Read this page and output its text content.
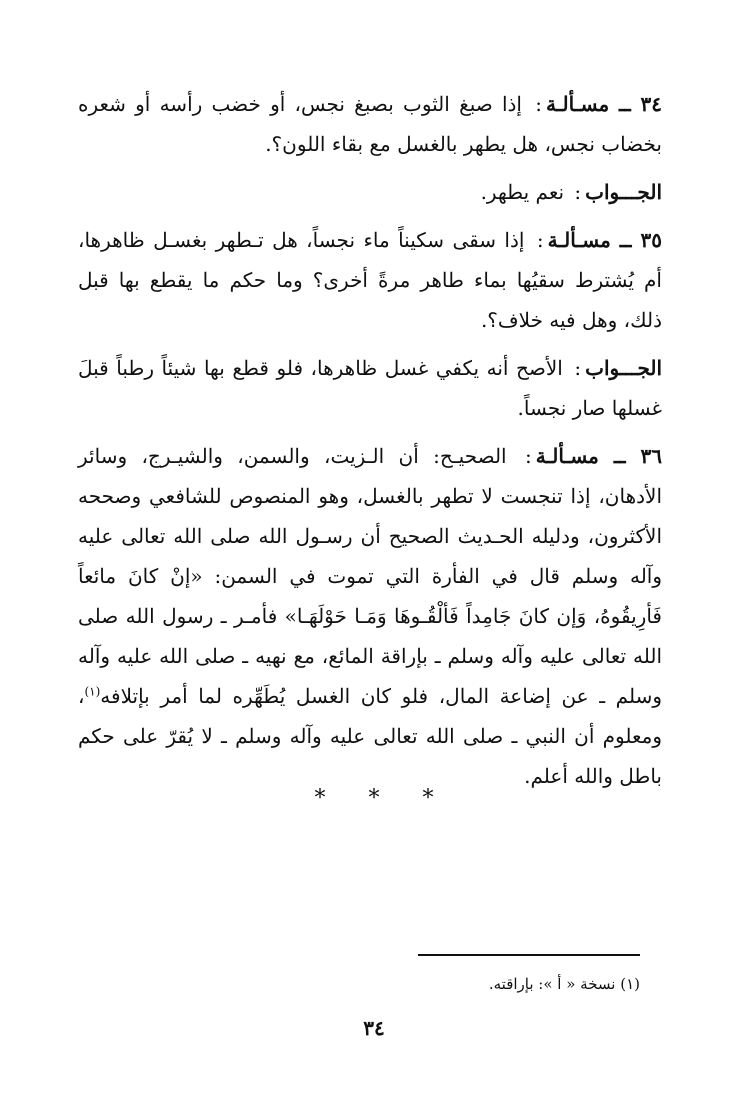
٣٤ ــ مسـألـة: إذا صبغ الثوب بصبغ نجس، أو خضب رأسه أو شعره بخضاب نجس، هل يطهر بالغسل مع بقاء اللون؟.

الجـــواب: نعم يطهر.

٣٥ ــ مسـألـة: إذا سقى سكيناً ماء نجساً، هل تـطهر بغسـل ظاهرها، أم يُشترط سقيُها بماء طاهر مرةً أخرى؟ وما حكم ما يقطع بها قبل ذلك، وهل فيه خلاف؟.

الجـــواب: الأصح أنه يكفي غسل ظاهرها، فلو قطع بها شيئاً رطباً قبلَ غسلها صار نجساً.

٣٦ ــ مسـألـة: الصحيـح: أن الـزيت، والسمن، والشيـرج، وسائر الأدهان، إذا تنجست لا تطهر بالغسل، وهو المنصوص للشافعي وصححه الأكثرون، ودليله الحـديث الصحيح أن رسـول الله صلى الله تعالى عليه وآله وسلم قال في الفأرة التي تموت في السمن: «إنْ كانَ مائعاً فَأرِيقُوهُ، وَإن كانَ جَامِداً فَألْقُـوهَا وَمَـا حَوْلَهَـا» فأمـر ـ رسول الله صلى الله تعالى عليه وآله وسلم ـ بإراقة المائع، مع نهيه ـ صلى الله عليه وآله وسلم ـ عن إضاعة المال، فلو كان الغسل يُطَهِّره لما أمر بإتلافه$^{(١)}$، ومعلوم أن النبي ـ صلى الله تعالى عليه وآله وسلم ـ لا يُقرّ على حكم باطل والله أعلم.

* * *
(١) نسخة « أ »: بإراقته.
٣٤
